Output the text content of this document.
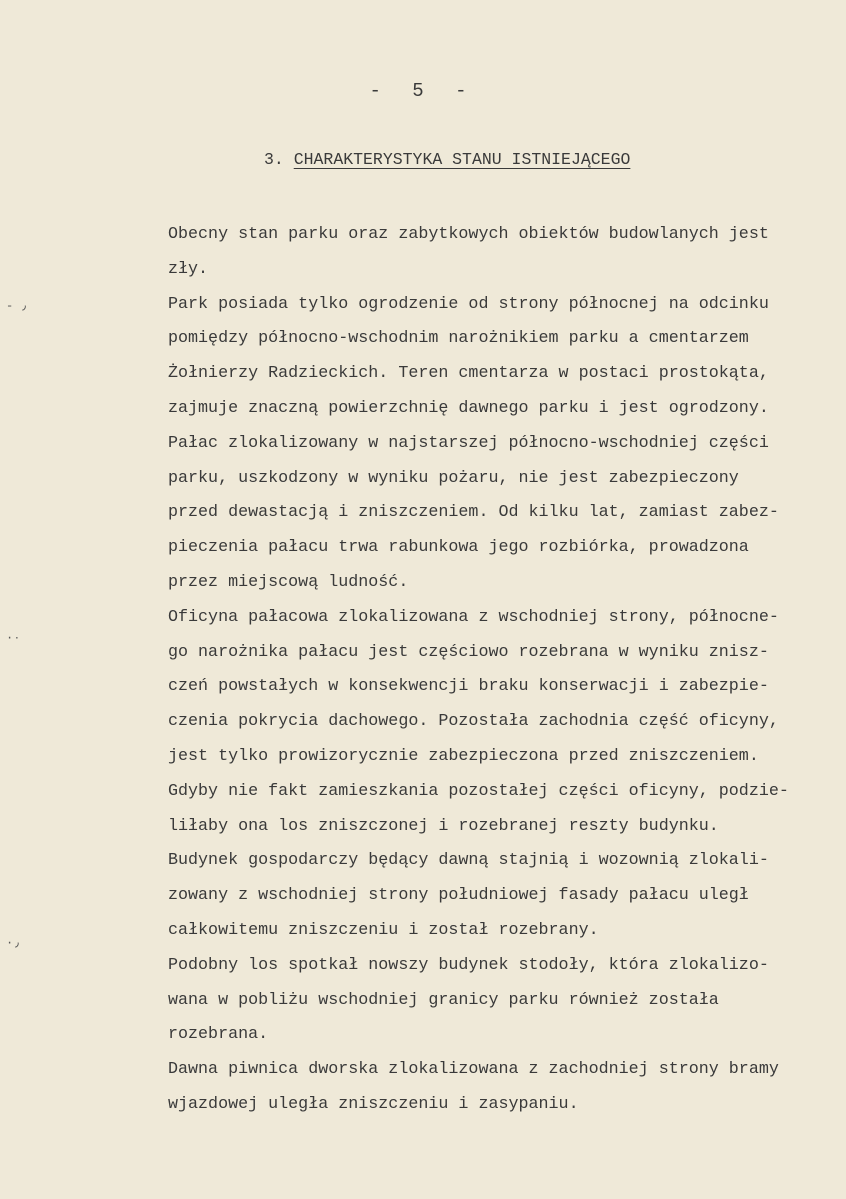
- ٫
·٠
·٫
- 5 -
3. CHARAKTERYSTYKA STANU ISTNIEJĄCEGO
Obecny stan parku oraz zabytkowych obiektów budowlanych jest
zły.
Park posiada tylko ogrodzenie od strony północnej na odcinku
pomiędzy północno-wschodnim narożnikiem parku a cmentarzem
Żołnierzy Radzieckich. Teren cmentarza w postaci prostokąta,
zajmuje znaczną powierzchnię dawnego parku i jest ogrodzony.
Pałac zlokalizowany w najstarszej północno-wschodniej części
parku, uszkodzony w wyniku pożaru, nie jest zabezpieczony
przed dewastacją i zniszczeniem. Od kilku lat, zamiast zabez-
pieczenia pałacu trwa rabunkowa jego rozbiórka, prowadzona
przez miejscową ludność.
Oficyna pałacowa zlokalizowana z wschodniej strony, północne-
go narożnika pałacu jest częściowo rozebrana w wyniku znisz-
czeń powstałych w konsekwencji braku konserwacji i zabezpie-
czenia pokrycia dachowego. Pozostała zachodnia część oficyny,
jest tylko prowizorycznie zabezpieczona przed zniszczeniem.
Gdyby nie fakt zamieszkania pozostałej części oficyny, podzie-
liłaby ona los zniszczonej i rozebranej reszty budynku.
Budynek gospodarczy będący dawną stajnią i wozownią zlokali-
zowany z wschodniej strony południowej fasady pałacu uległ
całkowitemu zniszczeniu i został rozebrany.
Podobny los spotkał nowszy budynek stodoły, która zlokalizo-
wana w pobliżu wschodniej granicy parku również została
rozebrana.
Dawna piwnica dworska zlokalizowana z zachodniej strony bramy
wjazdowej uległa zniszczeniu i zasypaniu.
